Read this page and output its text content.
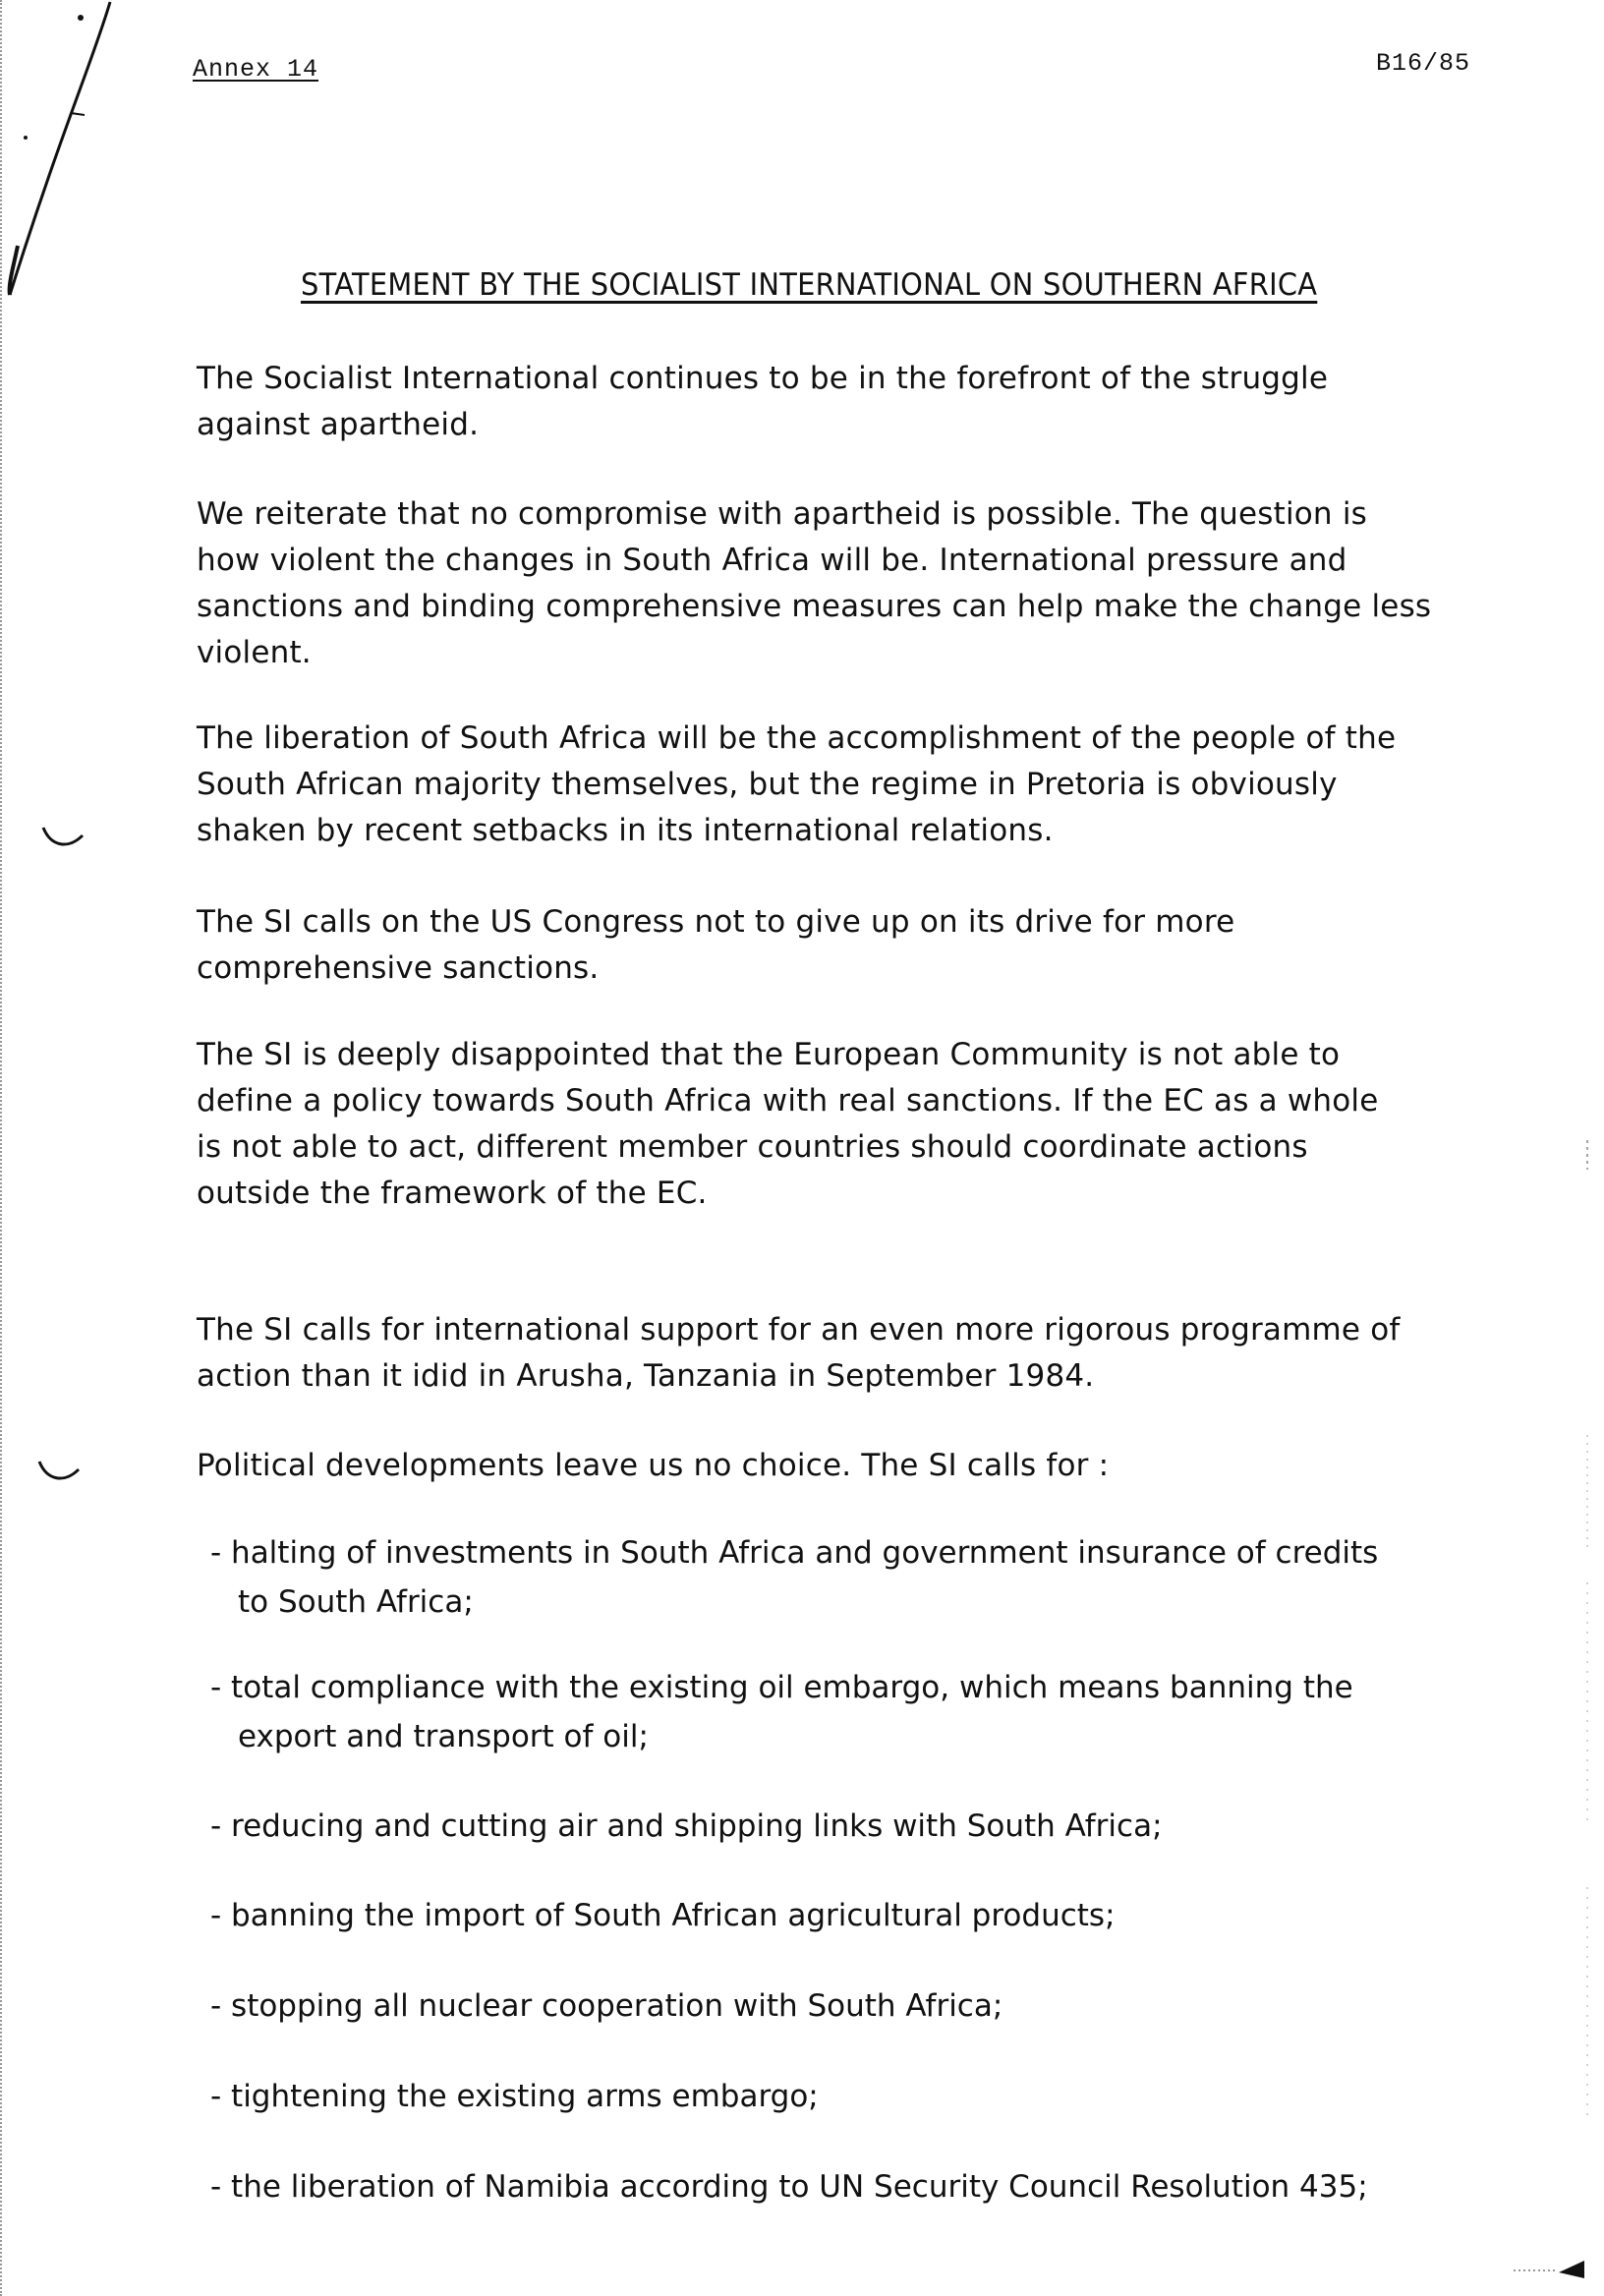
Annex 14	B16/85
STATEMENT BY THE SOCIALIST INTERNATIONAL ON SOUTHERN AFRICA
The Socialist International continues to be in the forefront of the struggle
against apartheid.
We reiterate that no compromise with apartheid is possible. The question is
how violent the changes in South Africa will be. International pressure and
sanctions and binding comprehensive measures can help make the change less
violent.
The liberation of South Africa will be the accomplishment of the people of the
South African majority themselves, but the regime in Pretoria is obviously
shaken by recent setbacks in its international relations.
The SI calls on the US Congress not to give up on its drive for more
comprehensive sanctions.
The SI is deeply disappointed that the European Community is not able to
define a policy towards South Africa with real sanctions. If the EC as a whole
is not able to act, different member countries should coordinate actions
outside the framework of the EC.
The SI calls for international support for an even more rigorous programme of
action than it idid in Arusha, Tanzania in September 1984.
Political developments leave us no choice. The SI calls for :
- halting of investments in South Africa and government insurance of credits
to South Africa;
- total compliance with the existing oil embargo, which means banning the
export and transport of oil;
- reducing and cutting air and shipping links with South Africa;
- banning the import of South African agricultural products;
- stopping all nuclear cooperation with South Africa;
- tightening the existing arms embargo;
- the liberation of Namibia according to UN Security Council Resolution 435;
